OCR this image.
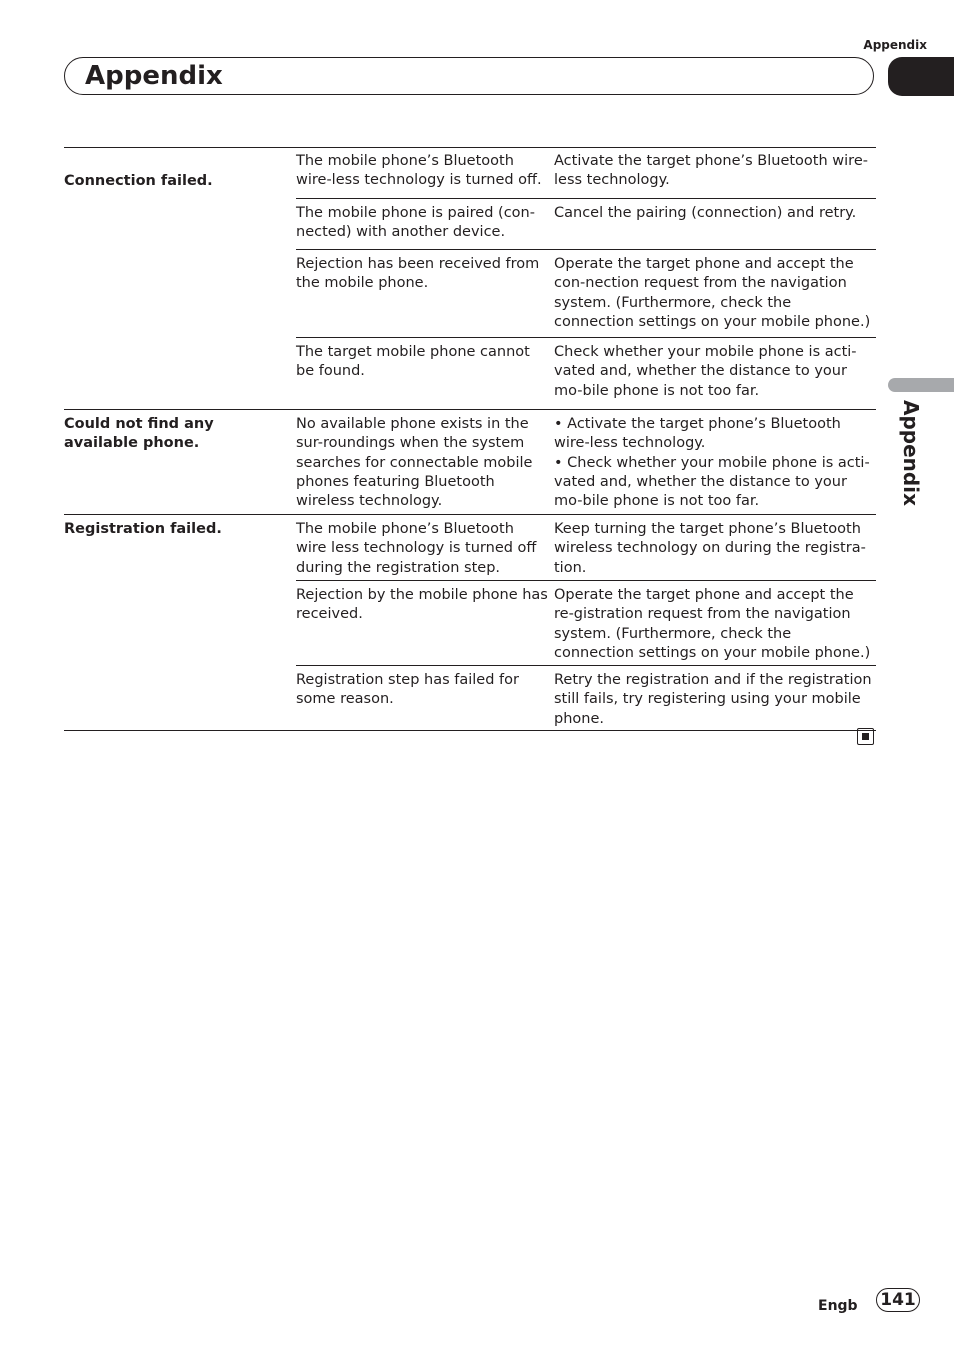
Appendix
Appendix
Appendix
Connection failed.
The mobile phone’s Bluetooth wire-less technology is turned off.
Activate the target phone’s Bluetooth wire-less technology.
The mobile phone is paired (con-nected) with another device.
Cancel the pairing (connection) and retry.
Rejection has been received from the mobile phone.
Operate the target phone and accept the con-nection request from the navigation system. (Furthermore, check the connection settings on your mobile phone.)
The target mobile phone cannot be found.
Check whether your mobile phone is acti-vated and, whether the distance to your mo-bile phone is not too far.
Could not find any available phone.
No available phone exists in the sur-roundings when the system searches for connectable mobile phones featuring Bluetooth wireless technology.
• Activate the target phone’s Bluetooth wire-less technology.
• Check whether your mobile phone is acti-vated and, whether the distance to your mo-bile phone is not too far.
Registration failed.	The mobile phone’s Bluetooth wire less technology is turned off during the registration step.
Keep turning the target phone’s Bluetooth wireless technology on during the registra-tion.
Rejection by the mobile phone has received.
Operate the target phone and accept the re-gistration request from the navigation system. (Furthermore, check the connection settings on your mobile phone.)
Registration step has failed for some reason.
Retry the registration and if the registration still fails, try registering using your mobile phone.
Engb 141
